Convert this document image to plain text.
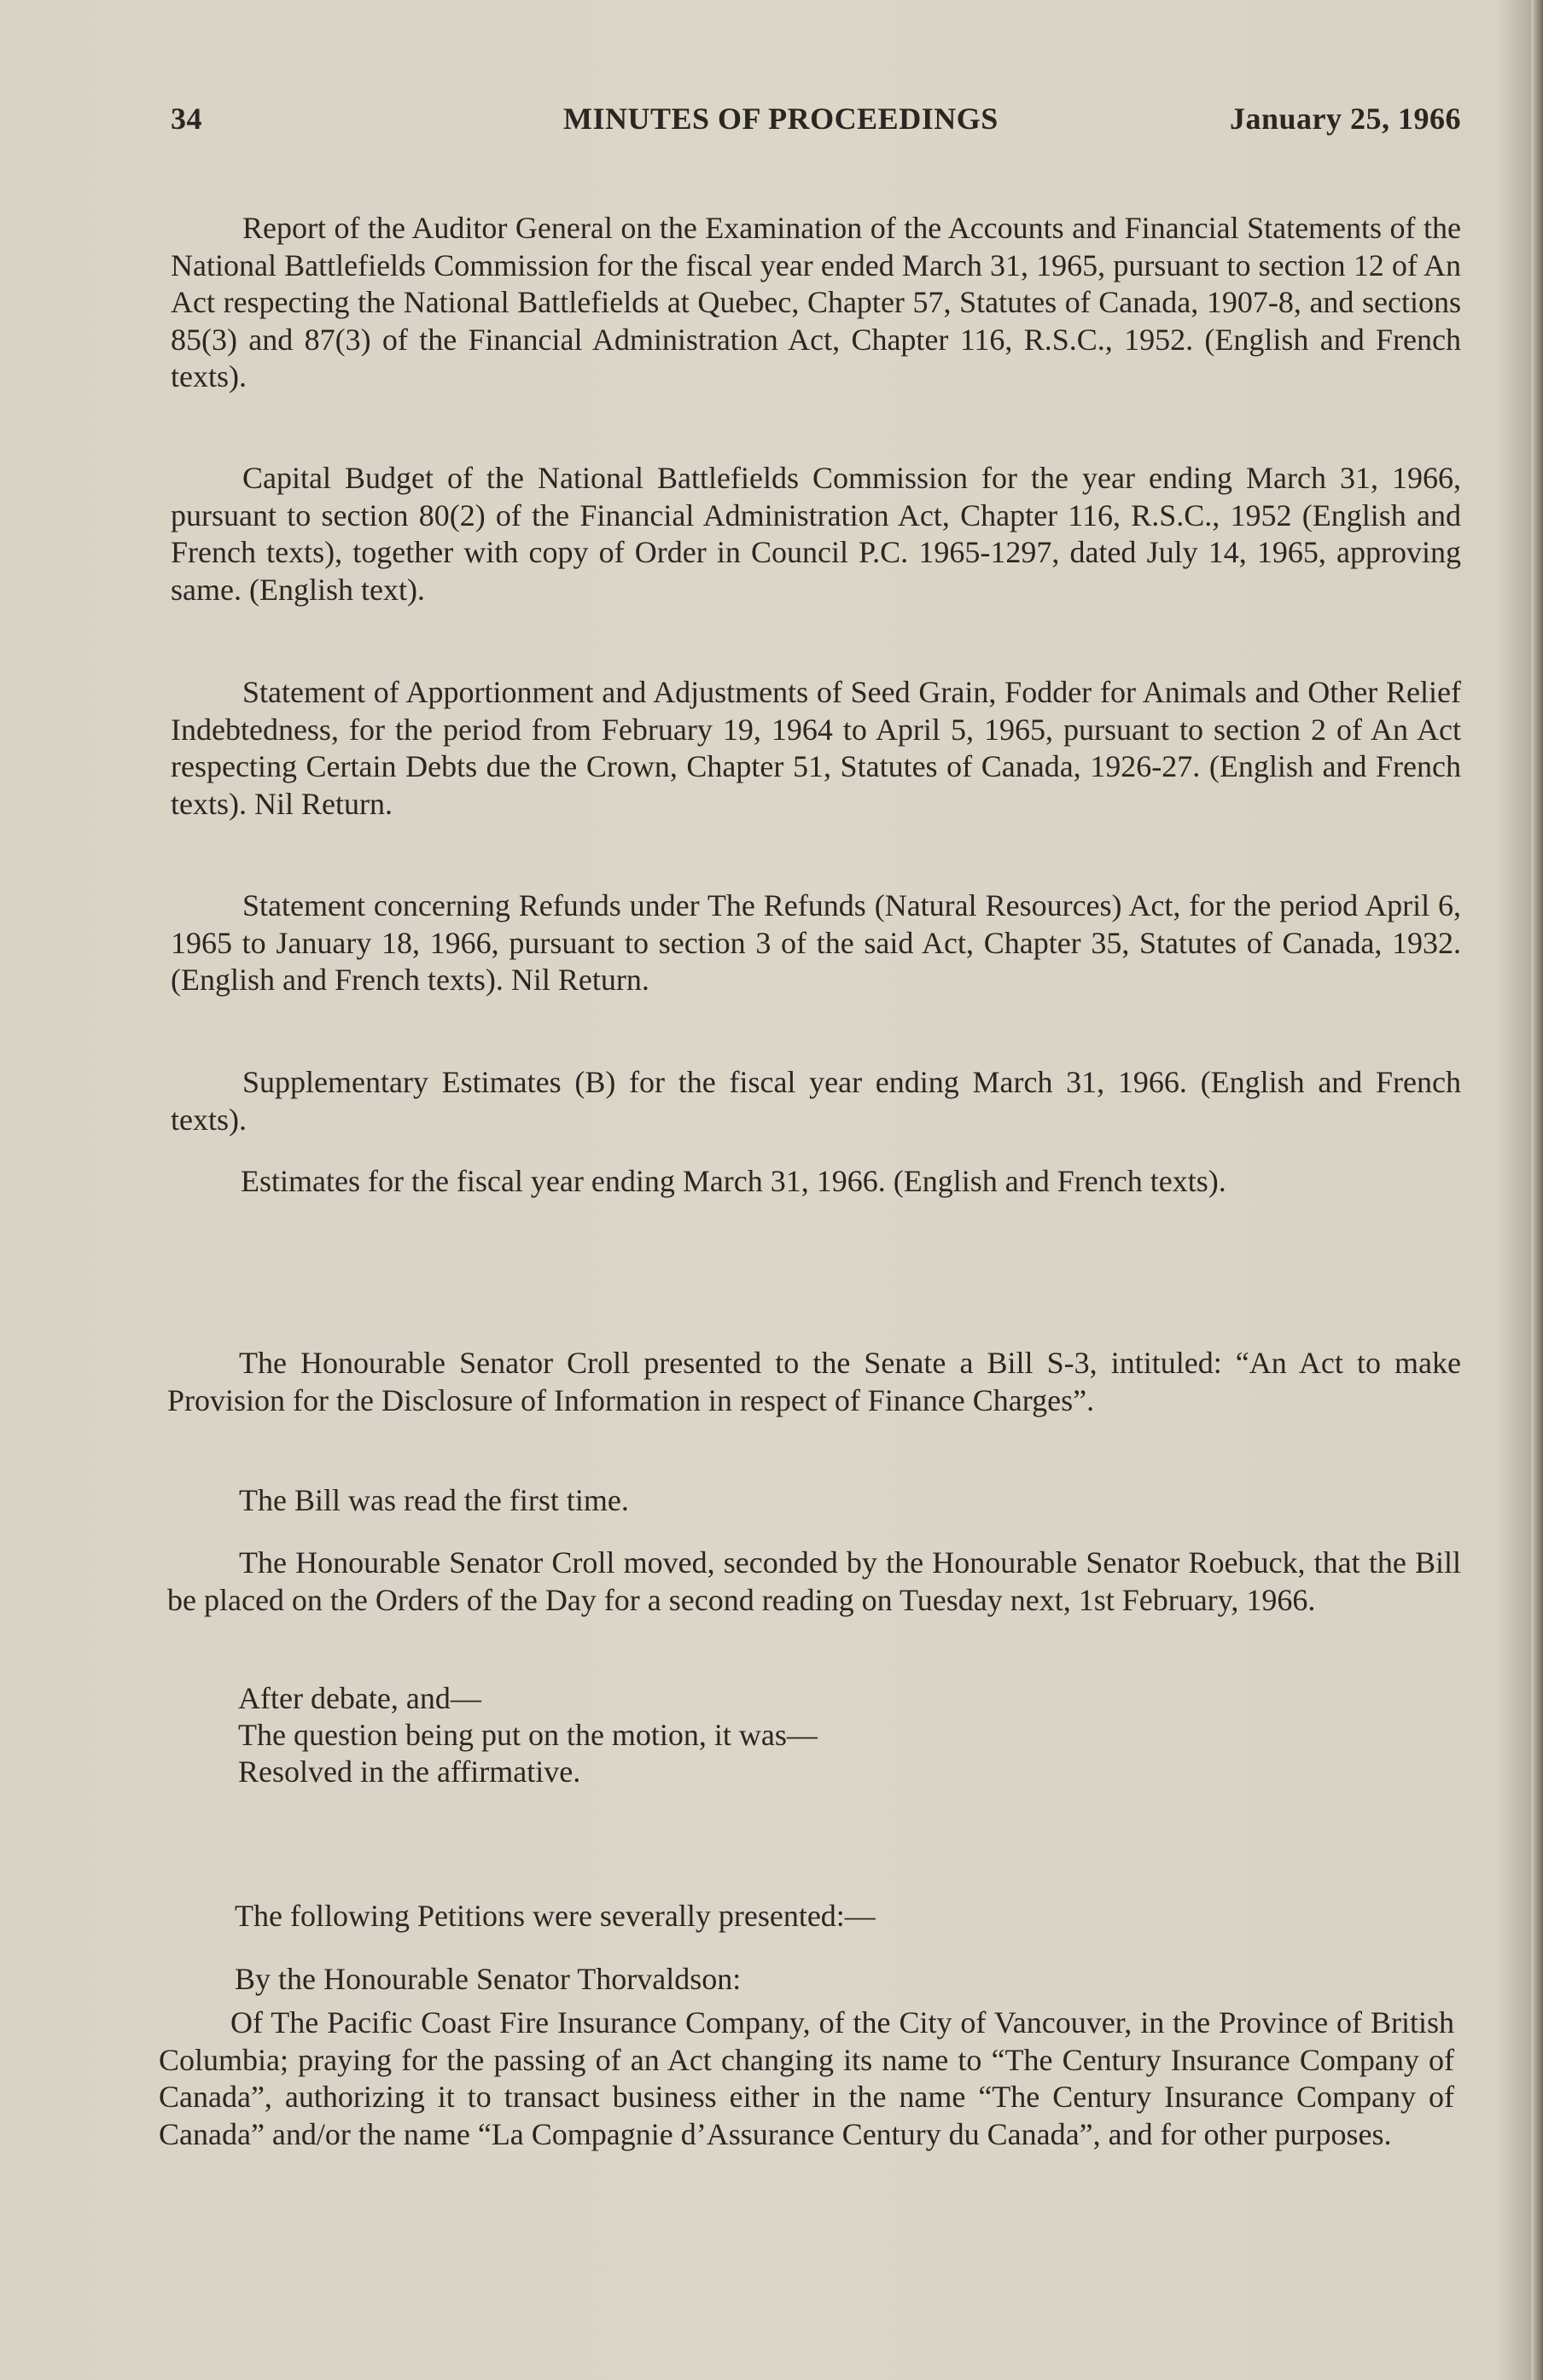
34	MINUTES OF PROCEEDINGS	January 25, 1966

Report of the Auditor General on the Examination of the Accounts and Financial Statements of the National Battlefields Commission for the fiscal year ended March 31, 1965, pursuant to section 12 of An Act respecting the National Battlefields at Quebec, Chapter 57, Statutes of Canada, 1907-8, and sections 85(3) and 87(3) of the Financial Administration Act, Chapter 116, R.S.C., 1952. (English and French texts).

Capital Budget of the National Battlefields Commission for the year ending March 31, 1966, pursuant to section 80(2) of the Financial Administration Act, Chapter 116, R.S.C., 1952 (English and French texts), together with copy of Order in Council P.C. 1965-1297, dated July 14, 1965, approving same. (English text).

Statement of Apportionment and Adjustments of Seed Grain, Fodder for Animals and Other Relief Indebtedness, for the period from February 19, 1964 to April 5, 1965, pursuant to section 2 of An Act respecting Certain Debts due the Crown, Chapter 51, Statutes of Canada, 1926-27. (English and French texts). Nil Return.

Statement concerning Refunds under The Refunds (Natural Resources) Act, for the period April 6, 1965 to January 18, 1966, pursuant to section 3 of the said Act, Chapter 35, Statutes of Canada, 1932. (English and French texts). Nil Return.

Supplementary Estimates (B) for the fiscal year ending March 31, 1966. (English and French texts).

Estimates for the fiscal year ending March 31, 1966. (English and French texts).

The Honourable Senator Croll presented to the Senate a Bill S-3, intituled: “An Act to make Provision for the Disclosure of Information in respect of Finance Charges”.

The Bill was read the first time.

The Honourable Senator Croll moved, seconded by the Honourable Senator Roebuck, that the Bill be placed on the Orders of the Day for a second reading on Tuesday next, 1st February, 1966.

After debate, and—
The question being put on the motion, it was—
Resolved in the affirmative.
The following Petitions were severally presented:—
By the Honourable Senator Thorvaldson:

Of The Pacific Coast Fire Insurance Company, of the City of Vancouver, in the Province of British Columbia; praying for the passing of an Act changing its name to “The Century Insurance Company of Canada”, authorizing it to transact business either in the name “The Century Insurance Company of Canada” and/or the name “La Compagnie d’Assurance Century du Canada”, and for other purposes.
